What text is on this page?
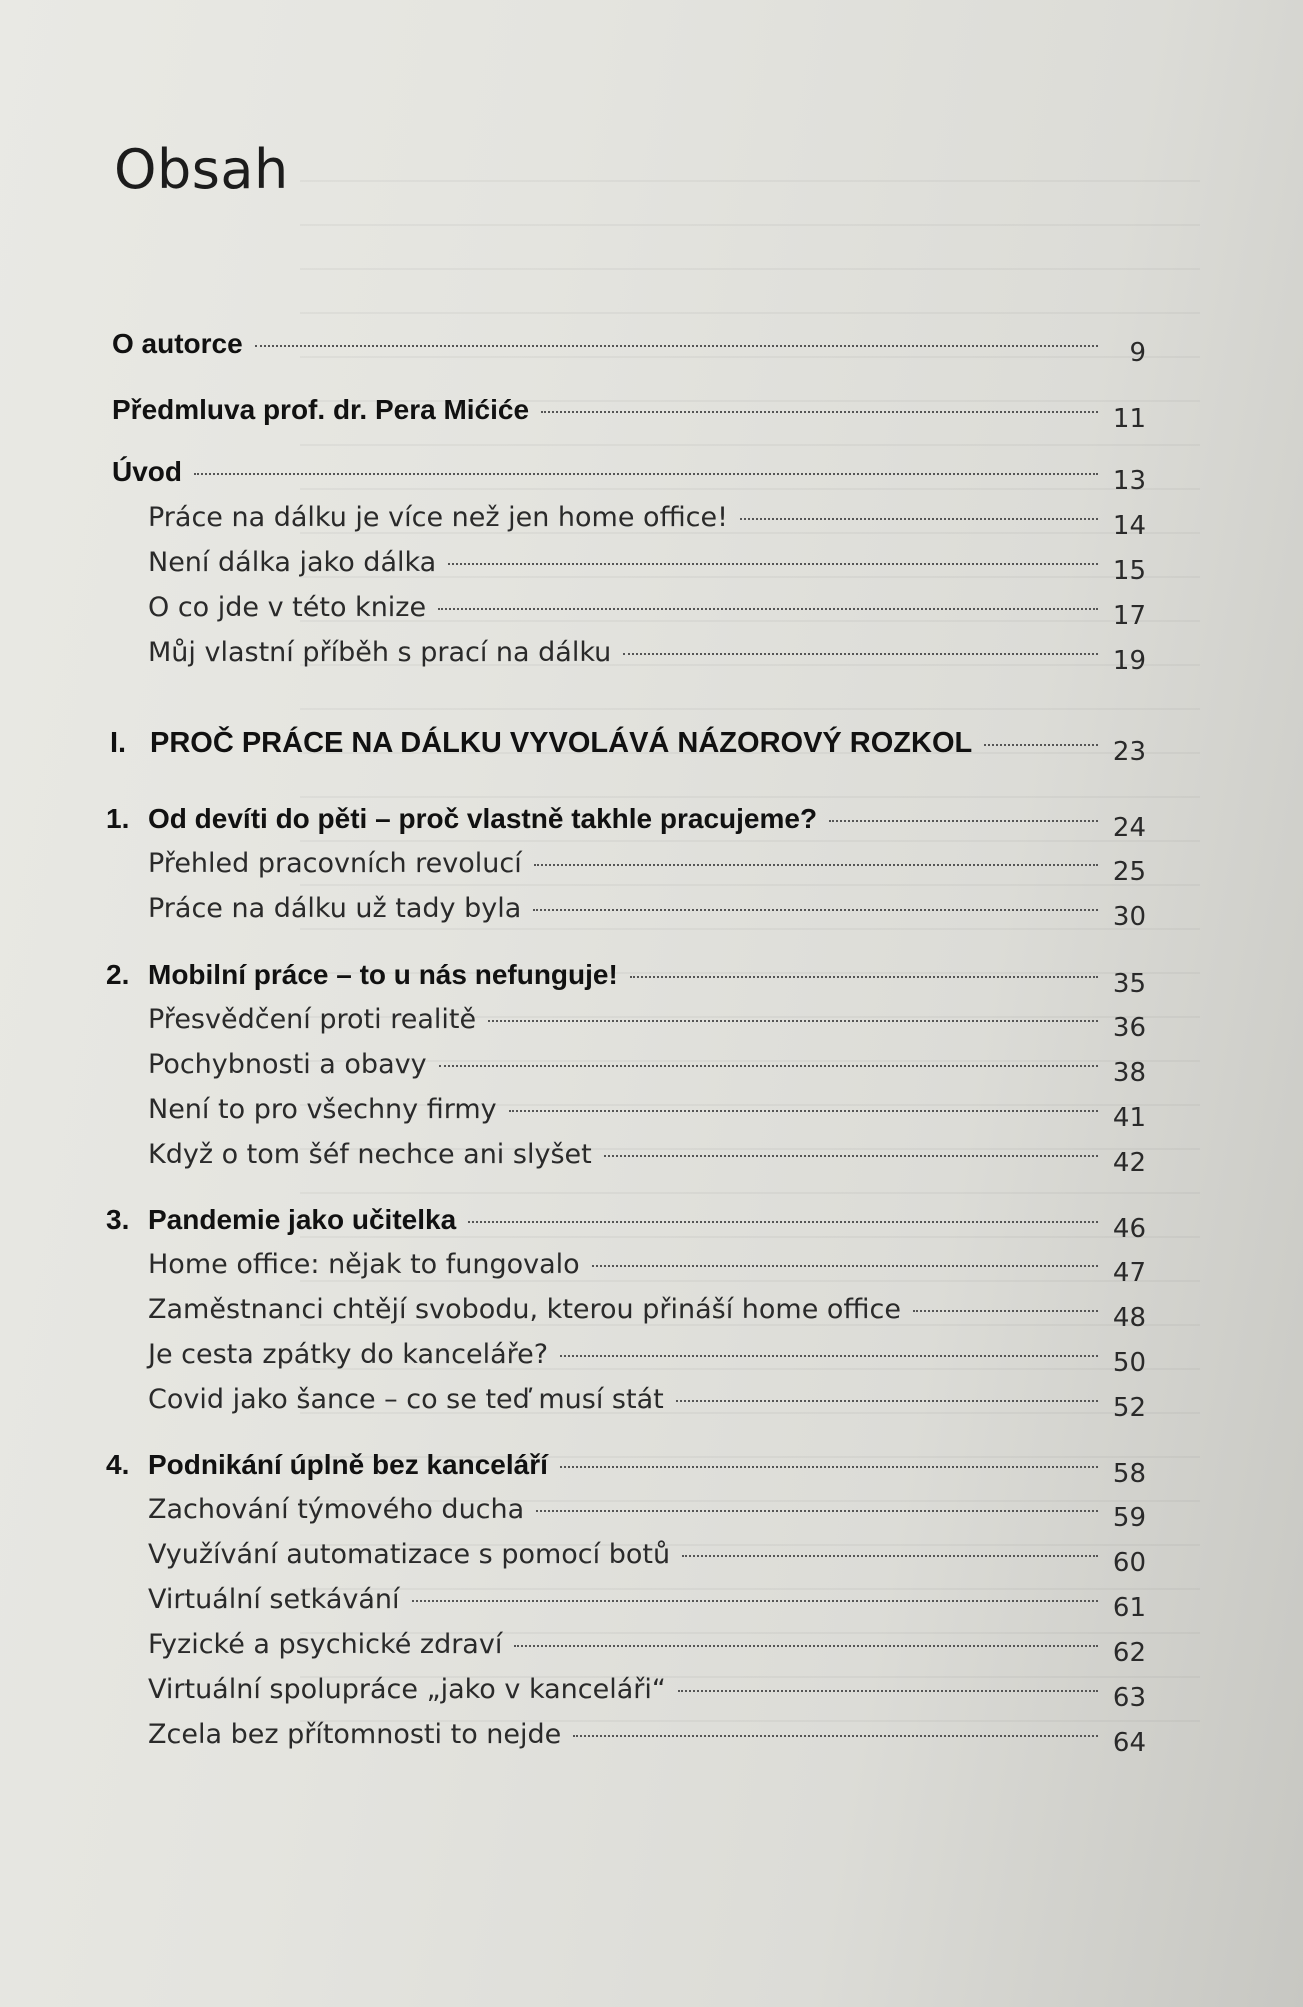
Obsah
O autorce	9
Předmluva prof. dr. Pera Mićiće	11
Úvod	13
Práce na dálku je více než jen home office!	14
Není dálka jako dálka	15
O co jde v této knize	17
Můj vlastní příběh s prací na dálku	19
I. PROČ PRÁCE NA DÁLKU VYVOLÁVÁ NÁZOROVÝ ROZKOL	23
1. Od devíti do pěti – proč vlastně takhle pracujeme?	24
Přehled pracovních revolucí	25
Práce na dálku už tady byla	30
2. Mobilní práce – to u nás nefunguje!	35
Přesvědčení proti realitě	36
Pochybnosti a obavy	38
Není to pro všechny firmy	41
Když o tom šéf nechce ani slyšet	42
3. Pandemie jako učitelka	46
Home office: nějak to fungovalo	47
Zaměstnanci chtějí svobodu, kterou přináší home office	48
Je cesta zpátky do kanceláře?	50
Covid jako šance – co se teď musí stát	52
4. Podnikání úplně bez kanceláří	58
Zachování týmového ducha	59
Využívání automatizace s pomocí botů	60
Virtuální setkávání	61
Fyzické a psychické zdraví	62
Virtuální spolupráce „jako v kanceláři“	63
Zcela bez přítomnosti to nejde	64
